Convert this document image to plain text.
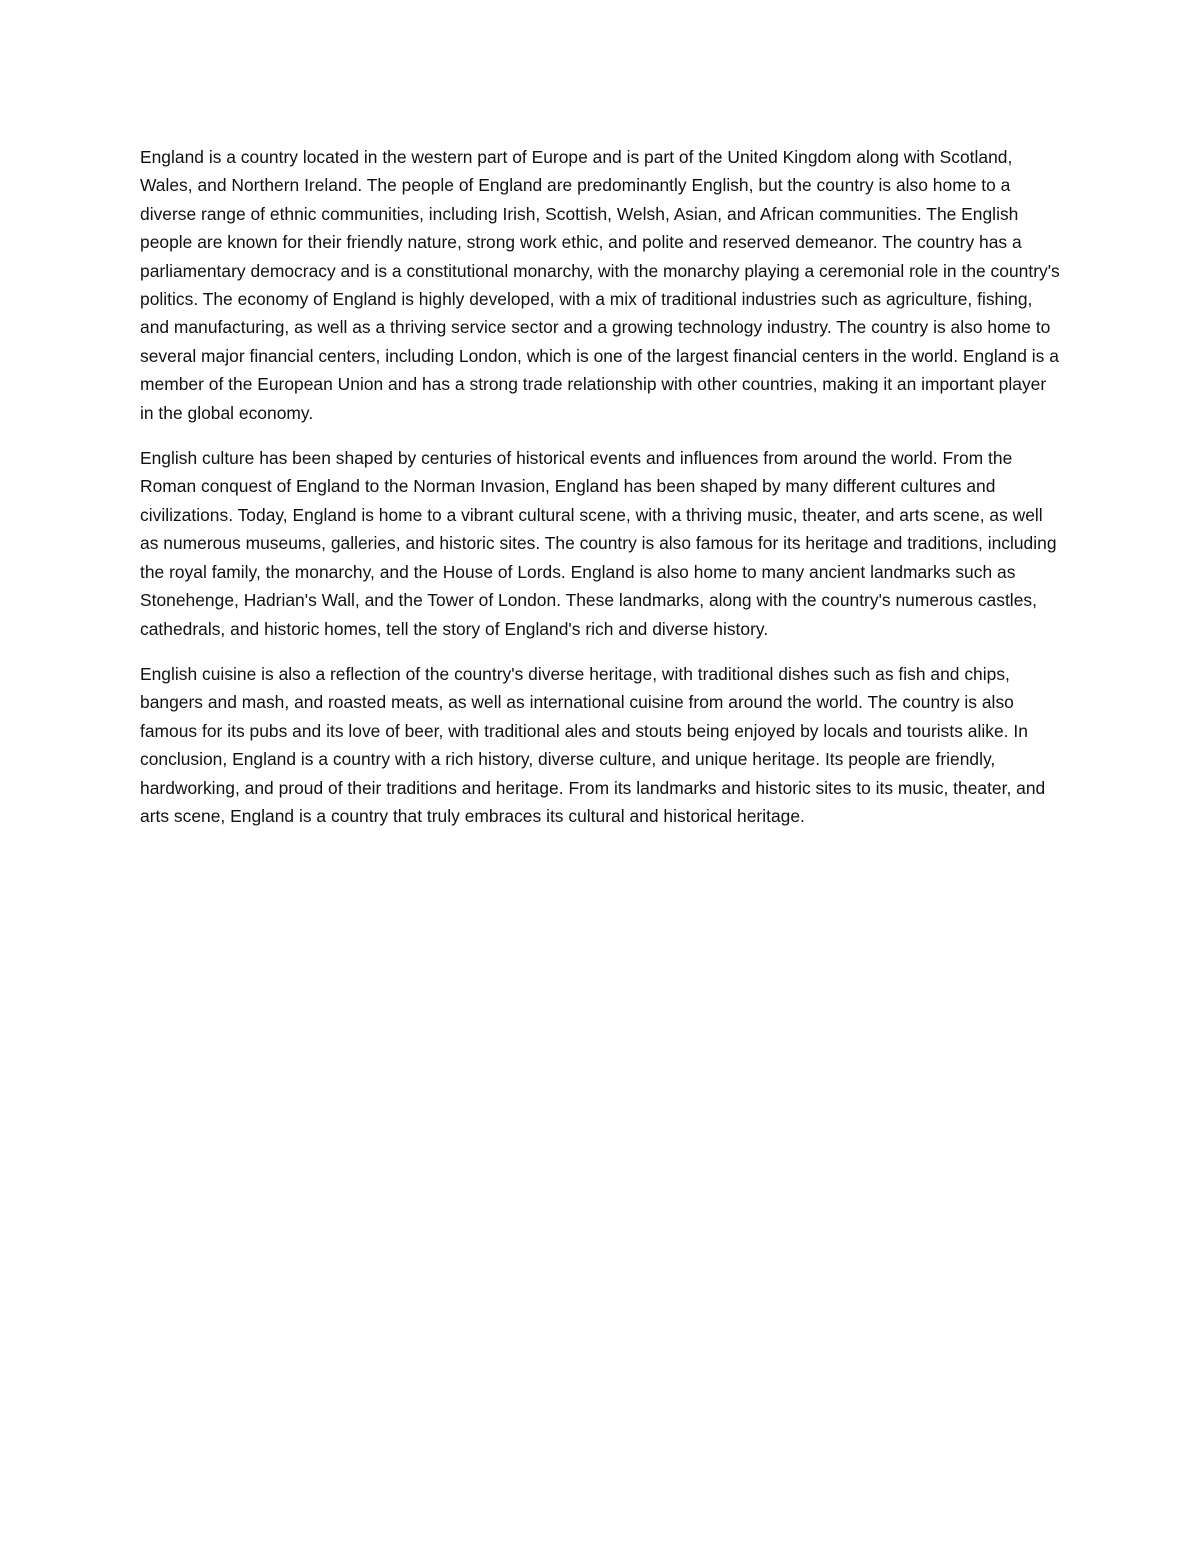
England is a country located in the western part of Europe and is part of the United Kingdom along with Scotland, Wales, and Northern Ireland. The people of England are predominantly English, but the country is also home to a diverse range of ethnic communities, including Irish, Scottish, Welsh, Asian, and African communities. The English people are known for their friendly nature, strong work ethic, and polite and reserved demeanor. The country has a parliamentary democracy and is a constitutional monarchy, with the monarchy playing a ceremonial role in the country's politics. The economy of England is highly developed, with a mix of traditional industries such as agriculture, fishing, and manufacturing, as well as a thriving service sector and a growing technology industry. The country is also home to several major financial centers, including London, which is one of the largest financial centers in the world. England is a member of the European Union and has a strong trade relationship with other countries, making it an important player in the global economy.

English culture has been shaped by centuries of historical events and influences from around the world. From the Roman conquest of England to the Norman Invasion, England has been shaped by many different cultures and civilizations. Today, England is home to a vibrant cultural scene, with a thriving music, theater, and arts scene, as well as numerous museums, galleries, and historic sites. The country is also famous for its heritage and traditions, including the royal family, the monarchy, and the House of Lords. England is also home to many ancient landmarks such as Stonehenge, Hadrian's Wall, and the Tower of London. These landmarks, along with the country's numerous castles, cathedrals, and historic homes, tell the story of England's rich and diverse history.

English cuisine is also a reflection of the country's diverse heritage, with traditional dishes such as fish and chips, bangers and mash, and roasted meats, as well as international cuisine from around the world. The country is also famous for its pubs and its love of beer, with traditional ales and stouts being enjoyed by locals and tourists alike. In conclusion, England is a country with a rich history, diverse culture, and unique heritage. Its people are friendly, hardworking, and proud of their traditions and heritage. From its landmarks and historic sites to its music, theater, and arts scene, England is a country that truly embraces its cultural and historical heritage.
